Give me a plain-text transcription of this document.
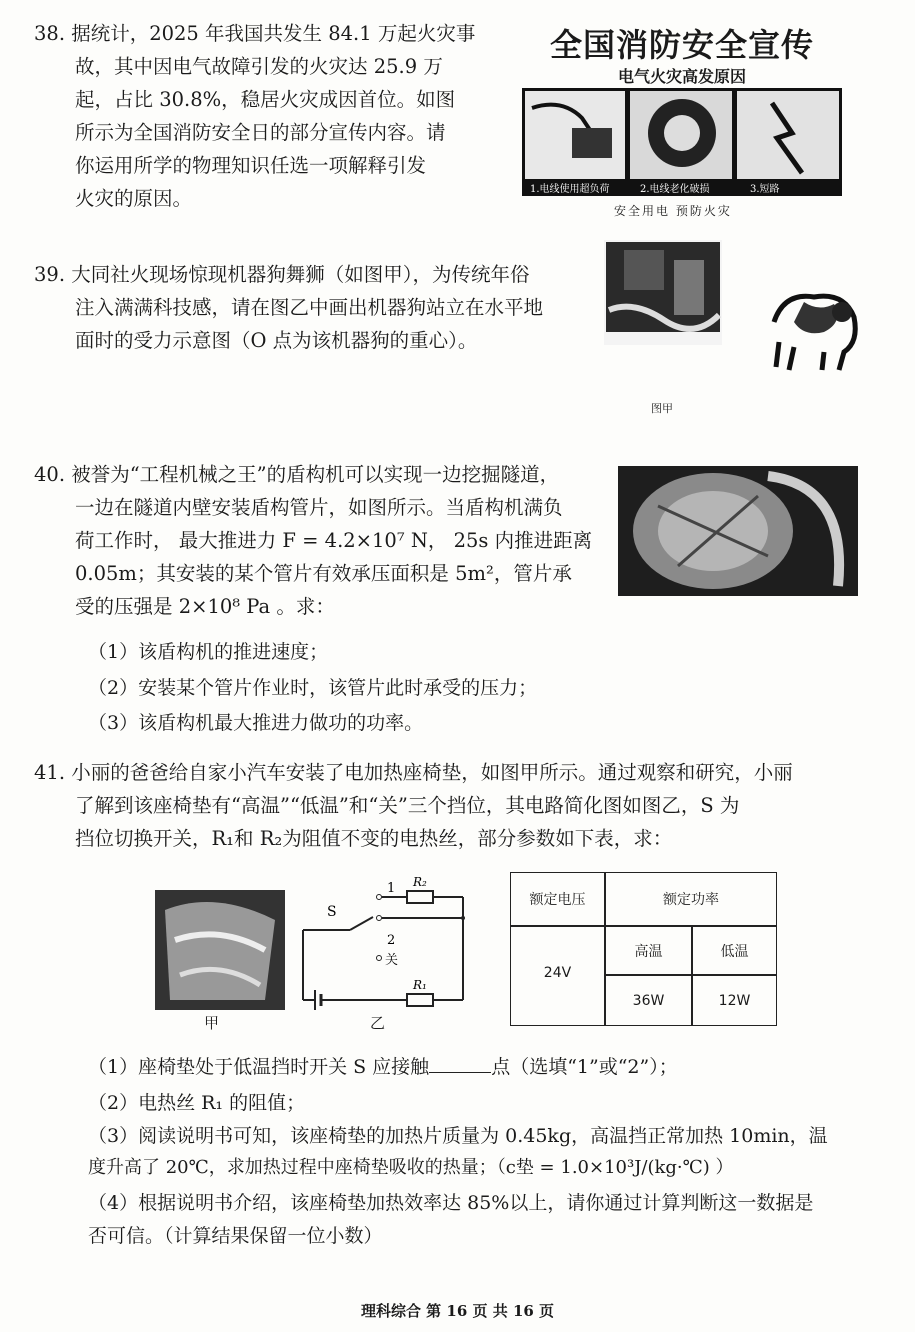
38. 据统计，2025 年我国共发生 84.1 万起火灾事

故，其中因电气故障引发的火灾达 25.9 万

起，占比 30.8%，稳居火灾成因首位。如图

所示为全国消防安全日的部分宣传内容。请

你运用所学的物理知识任选一项解释引发

火灾的原因。

全国消防安全宣传
电气火灾高发原因
1.电线使用超负荷	2.电线老化破损	3.短路
安全用电 预防火灾

39. 大同社火现场惊现机器狗舞狮（如图甲），为传统年俗

注入满满科技感，请在图乙中画出机器狗站立在水平地

面时的受力示意图（O 点为该机器狗的重心）。

图甲

40. 被誉为“工程机械之王”的盾构机可以实现一边挖掘隧道，

一边在隧道内壁安装盾构管片，如图所示。当盾构机满负

荷工作时， 最大推进力 F = 4.2×10⁷ N， 25s 内推进距离

0.05m；其安装的某个管片有效承压面积是 5m²，管片承

受的压强是 2×10⁸ Pa 。求：

（1）该盾构机的推进速度；
（2）安装某个管片作业时，该管片此时承受的压力；
（3）该盾构机最大推进力做功的功率。

41. 小丽的爸爸给自家小汽车安装了电加热座椅垫，如图甲所示。通过观察和研究，小丽

了解到该座椅垫有“高温”“低温”和“关”三个挡位，其电路简化图如图乙，S 为

挡位切换开关，R₁和 R₂为阻值不变的电热丝，部分参数如下表，求：

甲
S
1
2
关
R₂
R₁
乙
额定电压	额定功率
高温	低温
24V
36W	12W
（1）座椅垫处于低温挡时开关 S 应接触	点（选填“1”或“2”）；
（2）电热丝 R₁ 的阻值；
（3）阅读说明书可知，该座椅垫的加热片质量为 0.45kg，高温挡正常加热 10min，温
度升高了 20℃，求加热过程中座椅垫吸收的热量；（c垫 = 1.0×10³J/(kg·℃) ）
（4）根据说明书介绍，该座椅垫加热效率达 85%以上，请你通过计算判断这一数据是
否可信。（计算结果保留一位小数）
理科综合 第 16 页 共 16 页
